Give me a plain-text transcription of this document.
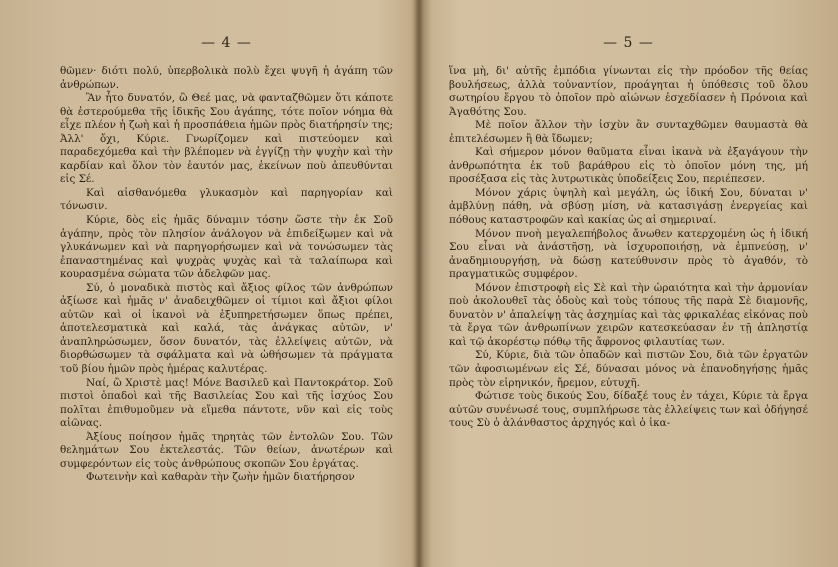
— 4 —

θῶμεν· διότι πολύ, ὑπερβολικὰ πολὺ ἔχει ψυγῆ ἡ ἀγάπη τῶν ἀνθρώπων.

Ἂν ἦτο δυνατόν, ὢ Θεέ μας, νὰ φανταζθῶμεν ὅτι κάποτε θὰ ἐστερούμεθα τῆς ἰδικῆς Σου ἀγάπης, τότε ποῖον νόημα θὰ εἶχε πλέον ἡ ζωὴ καὶ ἡ προσπάθεια ἡμῶν πρὸς διατήρησίν της; Ἀλλ' ὄχι, Κύριε. Γνωρίζομεν καὶ πιστεύομεν καὶ παραδεχόμεθα καὶ τὴν βλέπομεν νὰ ἐγγίζῃ τὴν ψυχὴν καὶ τὴν καρδίαν καὶ ὅλον τὸν ἑαυτόν μας, ἐκείνων ποὺ ἀπευθύνται εἰς Σέ.

Καὶ αἰσθανόμεθα γλυκασμὸν καὶ παρηγορίαν καὶ τόνωσιν.

Κύριε, δὸς εἰς ἡμᾶς δύναμιν τόσην ὥστε τὴν ἐκ Σοῦ ἀγάπην, πρὸς τὸν πλησίον ἀνάλογον νὰ ἐπιδείξωμεν καὶ νὰ γλυκάνωμεν καὶ νὰ παρηγορήσωμεν καὶ νὰ τονώσωμεν τὰς ἐπαναστημένας καὶ ψυχρὰς ψυχὰς καὶ τὰ ταλαίπωρα καὶ κουρασμένα σώματα τῶν ἀδελφῶν μας.

Σύ, ὁ μοναδικὰ πιστὸς καὶ ἄξιος φίλος τῶν ἀνθρώπων ἀξίωσε καὶ ἡμᾶς ν' ἀναδειχθῶμεν οἱ τίμιοι καὶ ἄξιοι φίλοι αὐτῶν καὶ οἱ ἱκανοὶ νὰ ἐξυπηρετήσωμεν ὅπως πρέπει, ἀποτελεσματικὰ καὶ καλά, τὰς ἀνάγκας αὐτῶν, ν' ἀναπληρώσωμεν, ὅσον δυνατόν, τὰς ἐλλείψεις αὐτῶν, νὰ διορθώσωμεν τὰ σφάλματα καὶ νὰ ὠθήσωμεν τὰ πράγματα τοῦ βίου ἡμῶν πρὸς ἡμέρας καλυτέρας.

Ναί, ὢ Χριστὲ μας! Μόνε Βασιλεῦ καὶ Παντοκράτορ. Σοῦ πιστοὶ ὁπαδοὶ καὶ τῆς Βασιλείας Σου καὶ τῆς ἰσχύος Σου πολῖται ἐπιθυμοῦμεν νὰ εἴμεθα πάντοτε, νῦν καὶ εἰς τοὺς αἰῶνας.

Ἀξίους ποίησον ἡμᾶς τηρητὰς τῶν ἐντολῶν Σου. Τῶν θελημάτων Σου ἐκτελεστάς. Τῶν θείων, ἀνωτέρων καὶ συμφερόντων εἰς τοὺς ἀνθρώπους σκοπῶν Σου ἐργάτας.

Φωτεινὴν καὶ καθαρὰν τὴν ζωὴν ἡμῶν διατήρησον

— 5 —

ἵνα μὴ, δι' αὐτῆς ἐμπόδια γίνωνται εἰς τὴν πρόοδον τῆς θείας βουλήσεως, ἀλλὰ τοὐναντίον, προάγηται ἡ ὑπόθεσις τοῦ ὅλου σωτηρίου ἔργου τὸ ὁποῖον πρὸ αἰώνων ἐσχεδίασεν ἡ Πρόνοια καὶ Ἀγαθότης Σου.

Μὲ ποῖον ἄλλον τὴν ἰσχὺν ἂν συνταχθῶμεν θαυμαστὰ θὰ ἐπιτελέσωμεν ἢ θὰ ἴδωμεν;

Καὶ σήμερον μόνον θαῦματα εἶναι ἱκανὰ νὰ ἐξαγάγουν τὴν ἀνθρωπότητα ἐκ τοῦ βαράθρου εἰς τὸ ὁποῖον μόνη της, μή προσέξασα εἰς τὰς λυτρωτικὰς ὑποδείξεις Σου, περιέπεσεν.

Μόνον χάρις ὑψηλὴ καὶ μεγάλη, ὡς ἰδική Σου, δύναται ν' ἀμβλύνῃ πάθη, νὰ σβύσῃ μίση, νὰ κατασιγάσῃ ἐνεργείας καὶ πόθους καταστροφῶν καὶ κακίας ὡς αἱ σημεριναί.

Μόνον πνοὴ μεγαλεπήβολος ἄνωθεν κατερχομένη ὡς ἡ ἰδική Σου εἶναι νὰ ἀνάστῆσῃ, νὰ ἰσχυροποιήσῃ, νὰ ἐμπνεύσῃ, ν' ἀναδημιουργήσῃ, νὰ δώσῃ κατεύθυνσιν πρὸς τὸ ἀγαθόν, τὸ πραγματικῶς συμφέρον.

Μόνον ἐπιστροφὴ εἰς Σὲ καὶ τὴν ὡραιότητα καὶ τὴν ἁρμονίαν ποὺ ἀκολουθεῖ τὰς ὁδοὺς καὶ τοὺς τόπους τῆς παρὰ Σὲ διαμονῆς, δυνατὸν ν' ἀπαλείψῃ τὰς ἀσχημίας καὶ τὰς φρικαλέας εἰκόνας ποὺ τὰ ἔργα τῶν ἀνθρωπίνων χειρῶν κατεσκεύασαν ἐν τῇ ἀπληστίᾳ καὶ τῷ ἀκορέστῳ πόθῳ τῆς ἄφρονος φιλαυτίας των.

Σύ, Κύριε, διὰ τῶν ὁπαδῶν καὶ πιστῶν Σου, διὰ τῶν ἐργατῶν τῶν ἀφοσιωμένων εἰς Σέ, δύνασαι μόνος νὰ ἐπανοδηγήσῃς ἡμᾶς πρὸς τὸν εἰρηνικόν, ἤρεμον, εὐτυχῆ.

Φώτισε τοὺς δικούς Σου, δίδαξέ τους ἐν τάχει, Κύριε τὰ ἔργα αὐτῶν συνένωσέ τους, συμπλήρωσε τὰς ἐλλείψεις των καὶ ὁδήγησέ τους Σὺ ὁ ἀλάνθαστος ἀρχηγός καὶ ὁ ἰκα-
